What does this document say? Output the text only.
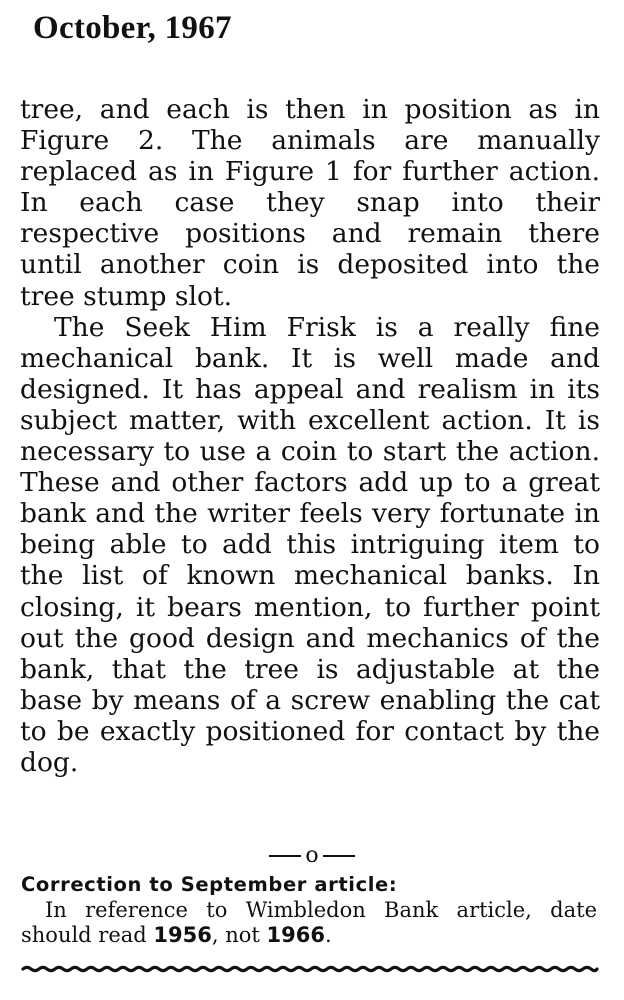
October, 1967

tree, and each is then in position as in Figure 2. The animals are manually replaced as in Figure 1 for further action. In each case they snap into their respective positions and remain there until another coin is deposited into the tree stump slot.

The Seek Him Frisk is a really fine mechanical bank. It is well made and designed. It has appeal and realism in its subject matter, with excellent action. It is necessary to use a coin to start the action. These and other factors add up to a great bank and the writer feels very fortunate in being able to add this intriguing item to the list of known mechanical banks. In closing, it bears mention, to further point out the good design and mechanics of the bank, that the tree is adjustable at the base by means of a screw enabling the cat to be exactly positioned for contact by the dog.

o
Correction to September article:

In reference to Wimbledon Bank article, date should read 1956, not 1966.
